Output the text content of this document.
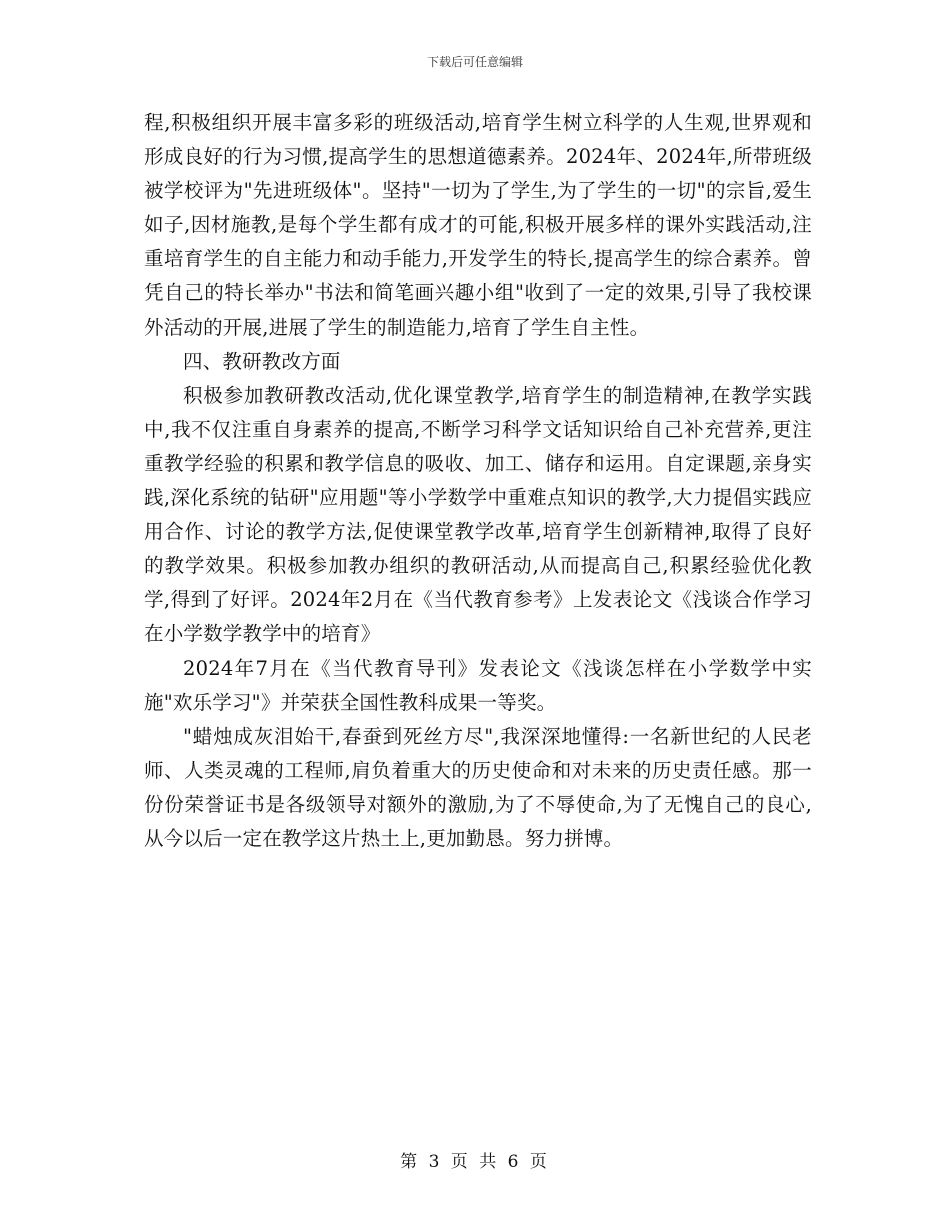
下载后可任意编辑

程,积极组织开展丰富多彩的班级活动,培育学生树立科学的人生观,世界观和形成良好的行为习惯,提高学生的思想道德素养。2024年、2024年,所带班级被学校评为"先进班级体"。坚持"一切为了学生,为了学生的一切"的宗旨,爱生如子,因材施教,是每个学生都有成才的可能,积极开展多样的课外实践活动,注重培育学生的自主能力和动手能力,开发学生的特长,提高学生的综合素养。曾凭自己的特长举办"书法和简笔画兴趣小组"收到了一定的效果,引导了我校课外活动的开展,进展了学生的制造能力,培育了学生自主性。

四、教研教改方面

积极参加教研教改活动,优化课堂教学,培育学生的制造精神,在教学实践中,我不仅注重自身素养的提高,不断学习科学文话知识给自己补充营养,更注重教学经验的积累和教学信息的吸收、加工、储存和运用。自定课题,亲身实践,深化系统的钻研"应用题"等小学数学中重难点知识的教学,大力提倡实践应用合作、讨论的教学方法,促使课堂教学改革,培育学生创新精神,取得了良好的教学效果。积极参加教办组织的教研活动,从而提高自己,积累经验优化教学,得到了好评。2024年2月在《当代教育参考》上发表论文《浅谈合作学习在小学数学教学中的培育》

2024年7月在《当代教育导刊》发表论文《浅谈怎样在小学数学中实施"欢乐学习"》并荣获全国性教科成果一等奖。

"蜡烛成灰泪始干,春蚕到死丝方尽",我深深地懂得:一名新世纪的人民老师、人类灵魂的工程师,肩负着重大的历史使命和对未来的历史责任感。那一份份荣誉证书是各级领导对额外的激励,为了不辱使命,为了无愧自己的良心,从今以后一定在教学这片热土上,更加勤恳。努力拼博。

第 3 页 共 6 页
